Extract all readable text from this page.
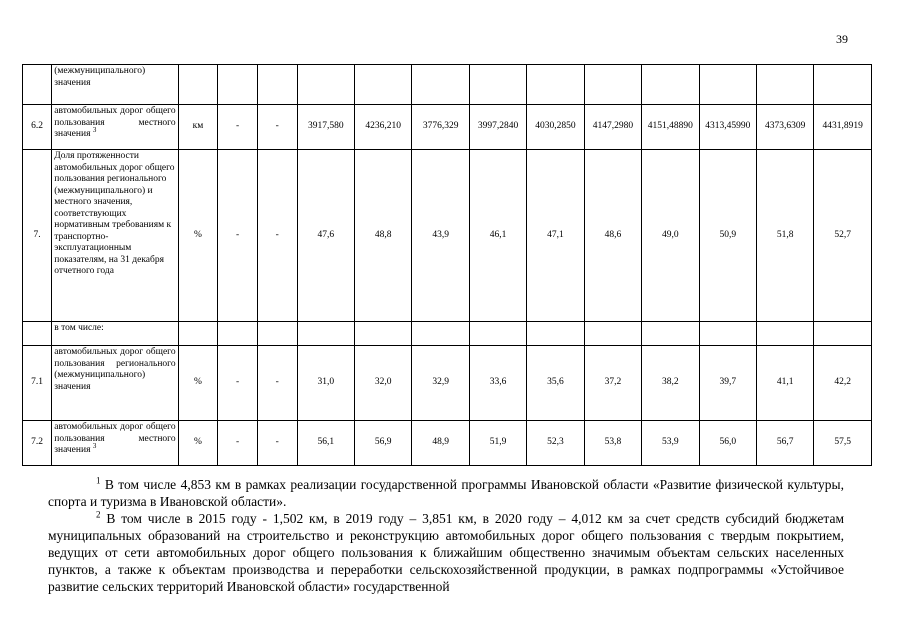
39
	(межмуниципального) значения													
6.2	автомобильных дорог общего пользования местного значения $^3$	км	-	-	3917,580	4236,210	3776,329	3997,2840	4030,2850	4147,2980	4151,48890	4313,45990	4373,6309	4431,8919
7.	Доля протяженности автомобильных дорог общего пользования регионального (межмуниципального) и местного значения, соответствующих нормативным требованиям к транспортно-эксплуатационным показателям, на 31 декабря отчетного года	%	-	-	47,6	48,8	43,9	46,1	47,1	48,6	49,0	50,9	51,8	52,7
	в том числе:													
7.1	автомобильных дорог общего пользования регионального (межмуниципального) значения	%	-	-	31,0	32,0	32,9	33,6	35,6	37,2	38,2	39,7	41,1	42,2
7.2	автомобильных дорог общего пользования местного значения $^3$	%	-	-	56,1	56,9	48,9	51,9	52,3	53,8	53,9	56,0	56,7	57,5

$^1$ В том числе 4,853 км в рамках реализации государственной программы Ивановской области «Развитие физической культуры, спорта и туризма в Ивановской области».

$^2$ В том числе в 2015 году - 1,502 км, в 2019 году – 3,851 км, в 2020 году – 4,012 км за счет средств субсидий бюджетам муниципальных образований на строительство и реконструкцию автомобильных дорог общего пользования с твердым покрытием, ведущих от сети автомобильных дорог общего пользования к ближайшим общественно значимым объектам сельских населенных пунктов, а также к объектам производства и переработки сельскохозяйственной продукции, в рамках подпрограммы «Устойчивое развитие сельских территорий Ивановской области» государственной
